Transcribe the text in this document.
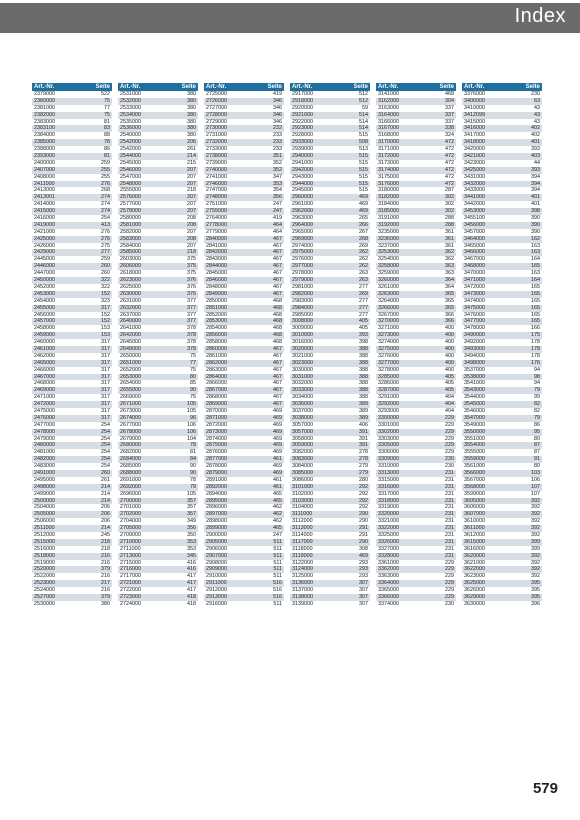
Index
Art.-Nr.	Seite
2379000	522
2380000	75
2381000	77
2382000	75
2383000	81
2383100	83
2384000	88
2385000	78
2388000	86
2393000	81
2400000	259
2407000	255
2408000	255
2411000	276
2413000	268
2413001	274
2414000	274
2415000	274
2416000	254
2419000	413
2421000	276
2425000	276
2426000	275
2429000	277
2445000	259
2446000	260
2447000	260
2450000	322
2452000	322
2453000	152
2454000	323
2455000	317
2456000	152
2457000	152
2458000	153
2459000	153
2460000	317
2461000	317
2462000	317
2465000	317
2466000	317
2467000	317
2468000	317
2469000	317
2471000	317
2472000	317
2475000	317
2476000	317
2477000	254
2478000	254
2479000	254
2480000	254
2481000	254
2482000	254
2483000	254
2491000	260
2495000	261
2498000	214
2499000	214
2500000	214
2504000	206
2505000	206
2506000	206
2511000	214
2512000	245
2515000	218
2516000	218
2518000	216
2519000	216
2520000	379
2522000	216
2523000	217
2524000	216
2527000	379
2530000	380
Art.-Nr.	Seite
2531000	380
2532000	380
2533000	380
2534000	380
2535000	380
2536000	380
2540000	380
2542000	206
2542000	261
2544000	214
2545000	215
2546000	207
2547000	207
2548000	207
2555000	218
2576000	207
2577000	207
2578000	207
2580000	208
2581000	208
2582000	207
2583000	208
2584000	207
2585000	218
2603000	375
2606000	375
2618000	375
2623000	376
2625000	376
2630000	376
2631000	377
2632000	377
2637000	377
2640000	377
2641000	378
2642000	378
2645000	378
2649000	378
2650000	75
2651000	77
2652000	75
2653000	80
2654000	85
2655000	90
2669000	75
2671000	105
2673000	105
2674000	96
2677000	106
2678000	106
2679000	104
2680000	78
2682000	81
2684000	84
2685000	90
2688000	90
2691000	78
2692000	79
2696000	105
2700000	357
2701000	357
2702000	357
2704000	349
2705000	356
2709000	350
2710000	353
2711000	353
2713000	345
2715000	416
2716000	416
2717000	417
2721000	417
2722000	417
2723000	418
2724000	418
Art.-Nr.	Seite
2725000	419
2726000	346
2727000	346
2728000	346
2729000	346
2730000	232
2731000	233
2732000	233
2733000	233
2738000	351
2739000	352
2740000	352
2741000	347
2746000	353
2747000	354
2748000	356
2751000	247
2755000	247
2764000	419
2778000	464
2779000	464
2840000	467
2841000	467
2842000	467
2843000	467
2844000	467
2845000	467
2846000	467
2848000	467
2849000	467
2850000	468
2851000	468
2852000	468
2853000	468
2854000	468
2856000	468
2858000	468
2860000	467
2861000	467
2862000	467
2863000	467
2864000	467
2866000	467
2867000	467
2868000	467
2869000	467
2870000	469
2871000	469
2872000	469
2873000	469
2874000	469
2875000	469
2876000	469
2877000	461
2878000	469
2879000	469
2891000	461
2892000	461
2894000	465
2895000	465
2896000	462
2897000	462
2898000	462
2899000	465
2900000	247
2905000	511
2906000	511
2907000	511
2908000	511
2909000	511
2910000	511
2911000	516
2912000	516
2913000	516
2916000	511
Art.-Nr.	Seite
2917000	512
2918000	512
2920000	59
2921000	514
2922000	514
2923000	514
2928000	515
2933000	508
2939000	513
2940000	515
2941000	515
2942000	515
2943000	515
2944000	515
2945000	515
2960000	469
2961000	469
2962000	469
2963000	265
2964000	266
2965000	267
2969000	268
2974000	269
2975000	262
2976000	262
2977000	262
2978000	263
2979000	263
2981000	277
2982000	269
2983000	277
2984000	277
2985000	277
3008000	405
3009000	405
3010000	393
3016000	398
3020000	388
3021000	388
3023000	388
3030000	388
3031000	388
3032000	388
3033000	388
3034000	388
3036000	389
3037000	389
3038000	389
3057000	406
3057000	391
3058000	391
3059000	391
3082000	278
3083000	278
3084000	279
3085000	279
3086000	280
3101000	292
3102000	292
3103000	292
3104000	292
3111000	290
3112000	290
3113000	291
3114000	291
3117000	290
3118000	308
3119000	469
3122000	293
3124000	293
3125000	293
3136000	307
3137000	307
3138000	307
3139000	307
Art.-Nr.	Seite
3141000	468
3162000	304
3163000	337
3164000	337
3166000	337
3167000	338
3168000	324
3170000	472
3171000	472
3172000	472
3173000	472
3174000	472
3175000	472
3176000	472
3180000	287
3182000	302
3184000	302
3185000	302
3191000	288
3192000	288
3235000	361
3236000	361
3237000	361
3253000	362
3254000	362
3258000	363
3259000	363
3260000	364
3261000	364
3263000	365
3264000	365
3266000	365
3267000	366
3270000	366
3271000	400
3273000	400
3274000	400
3275000	400
3276000	400
3277000	400
3278000	400
3285000	405
3286000	405
3287000	405
3291000	404
3292000	404
3293000	404
3300000	229
3301000	229
3302000	229
3303000	229
3305000	229
3306000	229
3309000	230
3310000	230
3313000	231
3315000	231
3316000	231
3317000	231
3318000	231
3319000	231
3320000	231
3321000	231
3322000	231
3325000	231
3326000	231
3327000	231
3328000	231
3361000	229
3362000	229
3363000	229
3364000	229
3365000	229
3366000	229
3374000	230
Art.-Nr.	Seite
3376000	230
3406000	63
3410000	43
3412099	43
3415000	43
3416000	402
3417000	402
3418000	401
3420000	393
3421000	403
3423000	44
3425000	393
3431000	394
3432000	394
3433000	394
3441000	401
3442000	401
3453000	398
3455100	390
3456000	390
3457000	390
3464000	162
3465000	163
3466000	163
3467000	164
3468000	165
3470000	163
3471000	164
3472000	165
3473000	165
3474000	165
3475000	165
3476000	165
3477000	165
3478000	166
3490000	175
3492000	178
3493000	178
3494000	178
3498000	176
3537000	94
3538000	98
3541000	94
3543000	79
3544000	99
3545000	82
3546000	82
3547000	79
3549000	86
3550000	95
3551000	80
3554000	87
3555000	87
3559000	91
3561000	80
3566000	103
3567000	106
3568000	107
3599000	107
3605000	392
3606000	392
3607000	392
3610000	392
3611000	392
3612000	392
3615000	399
3616000	399
3620000	392
3621000	392
3622000	392
3623000	392
3625000	395
3626000	395
3629000	395
3630000	396
579
